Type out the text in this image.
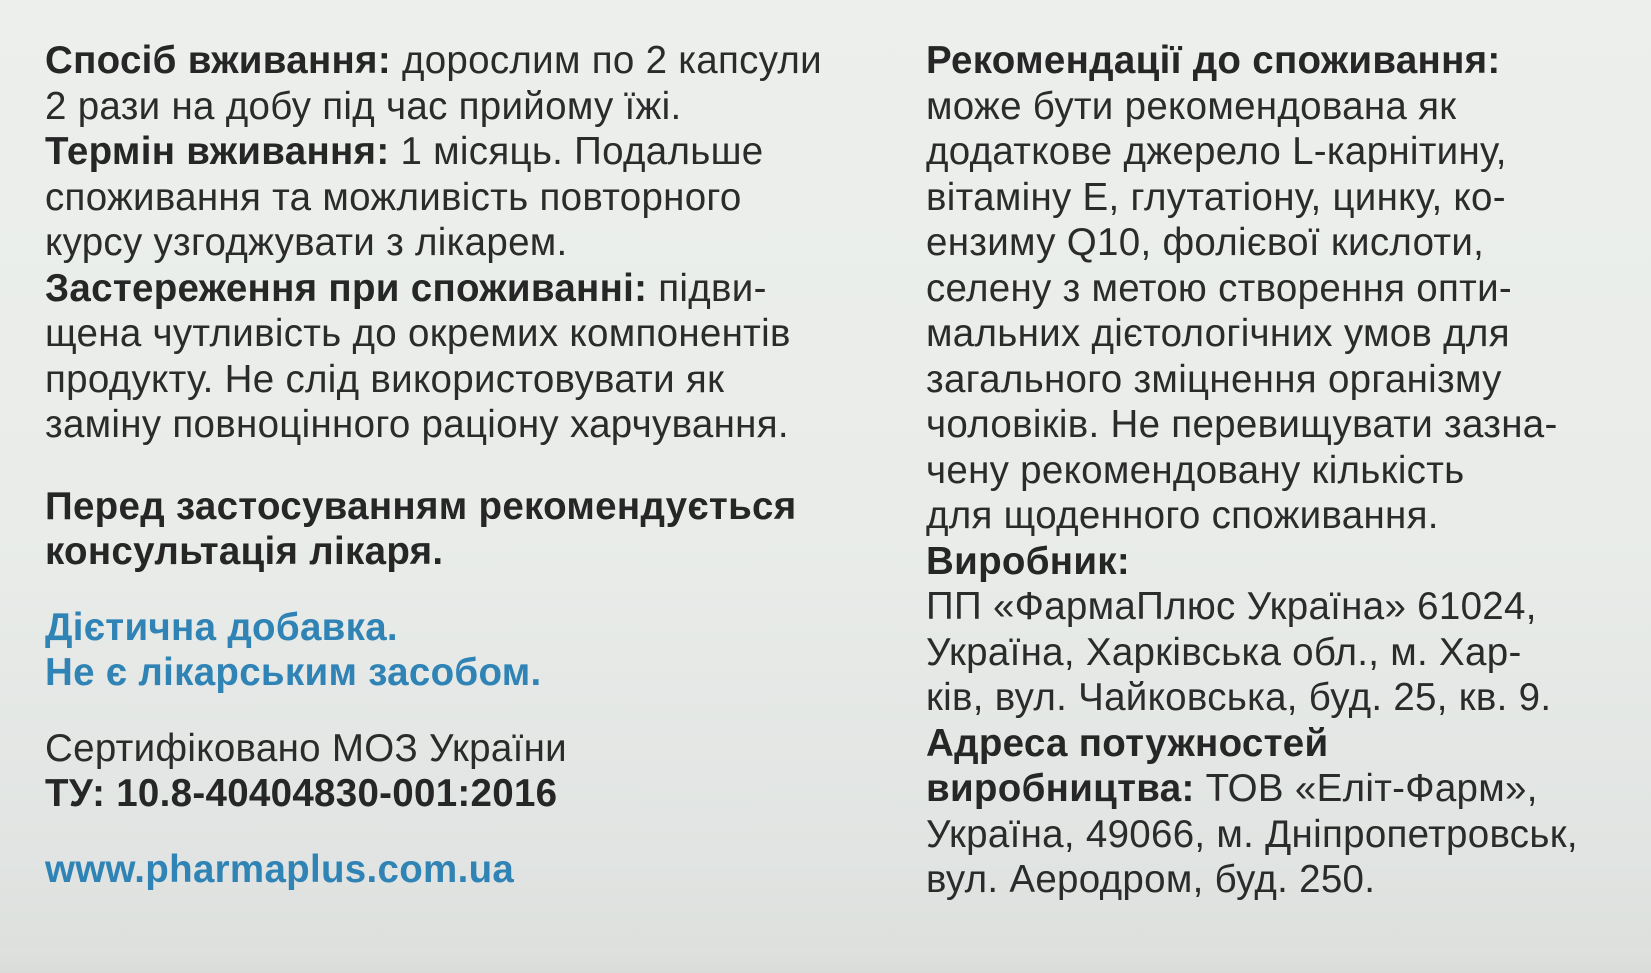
Спосіб вживання: дорослим по 2 капсули
2 рази на добу під час прийому їжі.

Термін вживання: 1 місяць. Подальше
споживання та можливість повторного
курсу узгоджувати з лікарем.

Застереження при споживанні: підви-
щена чутливість до окремих компонентів
продукту. Не слід використовувати як
заміну повноцінного раціону харчування.

Перед застосуванням рекомендується
консультація лікаря.

Дієтична добавка.
Не є лікарським засобом.

Сертифіковано МОЗ України
ТУ: 10.8-40404830-001:2016

www.pharmaplus.com.ua

Рекомендації до споживання:
може бути рекомендована як
додаткове джерело L-карнітину,
вітаміну Е, глутатіону, цинку, ко-
ензиму Q10, фолієвої кислоти,
селену з метою створення опти-
мальних дієтологічних умов для
загального зміцнення організму
чоловіків. Не перевищувати зазна-
чену рекомендовану кількість
для щоденного споживання.

Виробник:
ПП «ФармаПлюс Україна» 61024,
Україна, Харківська обл., м. Хар-
ків, вул. Чайковська, буд. 25, кв. 9.

Адреса потужностей
виробництва: ТОВ «Еліт-Фарм»,
Україна, 49066, м. Дніпропетровськ,
вул. Аеродром, буд. 250.
